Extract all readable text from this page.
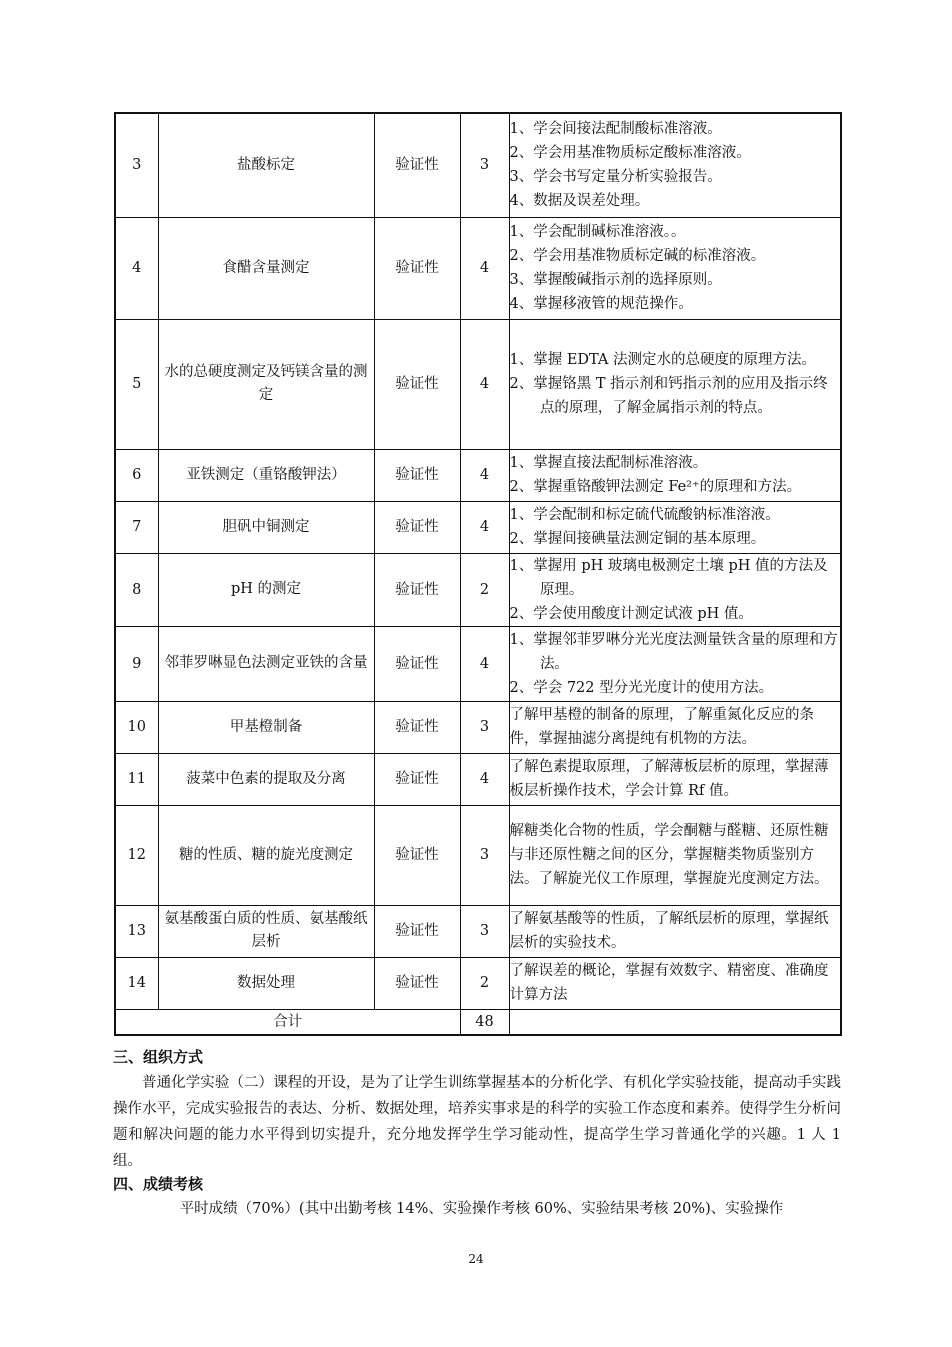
3	盐酸标定	验证性	3	1、学会间接法配制酸标准溶液。
2、学会用基准物质标定酸标准溶液。
3、学会书写定量分析实验报告。
4、数据及误差处理。

4	食醋含量测定	验证性	4	1、学会配制碱标准溶液。。
2、学会用基准物质标定碱的标准溶液。
3、掌握酸碱指示剂的选择原则。
4、掌握移液管的规范操作。

5	水的总硬度测定及钙镁含量的测定	验证性	4	1、掌握 EDTA 法测定水的总硬度的原理方法。
2、掌握铬黑 T 指示剂和钙指示剂的应用及指示终点的原理，了解金属指示剂的特点。

6	亚铁测定（重铬酸钾法）	验证性	4	1、掌握直接法配制标准溶液。
2、掌握重铬酸钾法测定 Fe²⁺的原理和方法。

7	胆矾中铜测定	验证性	4	1、学会配制和标定硫代硫酸钠标准溶液。
2、掌握间接碘量法测定铜的基本原理。

8	pH 的测定	验证性	2	1、掌握用 pH 玻璃电极测定土壤 pH 值的方法及原理。
2、学会使用酸度计测定试液 pH 值。

9	邻菲罗啉显色法测定亚铁的含量	验证性	4	1、掌握邻菲罗啉分光光度法测量铁含量的原理和方法。
2、学会 722 型分光光度计的使用方法。

10	甲基橙制备	验证性	3	了解甲基橙的制备的原理，了解重氮化反应的条件，掌握抽滤分离提纯有机物的方法。

11	菠菜中色素的提取及分离	验证性	4	了解色素提取原理，了解薄板层析的原理，掌握薄板层析操作技术，学会计算 Rf 值。

12	糖的性质、糖的旋光度测定	验证性	3	解糖类化合物的性质，学会酮糖与醛糖、还原性糖与非还原性糖之间的区分，掌握糖类物质鉴别方法。了解旋光仪工作原理，掌握旋光度测定方法。

13	氨基酸蛋白质的性质、氨基酸纸层析	验证性	3	了解氨基酸等的性质，了解纸层析的原理，掌握纸层析的实验技术。

14	数据处理	验证性	2	了解误差的概论，掌握有效数字、精密度、准确度计算方法

合计			48	
三、组织方式
普通化学实验（二）课程的开设，是为了让学生训练掌握基本的分析化学、有机化学实验技能，提高动手实践操作水平，完成实验报告的表达、分析、数据处理，培养实事求是的科学的实验工作态度和素养。使得学生分析问题和解决问题的能力水平得到切实提升，充分地发挥学生学习能动性，提高学生学习普通化学的兴趣。1 人 1 组。
四、成绩考核
平时成绩（70%）(其中出勤考核 14%、实验操作考核 60%、实验结果考核 20%)、实验操作
24
